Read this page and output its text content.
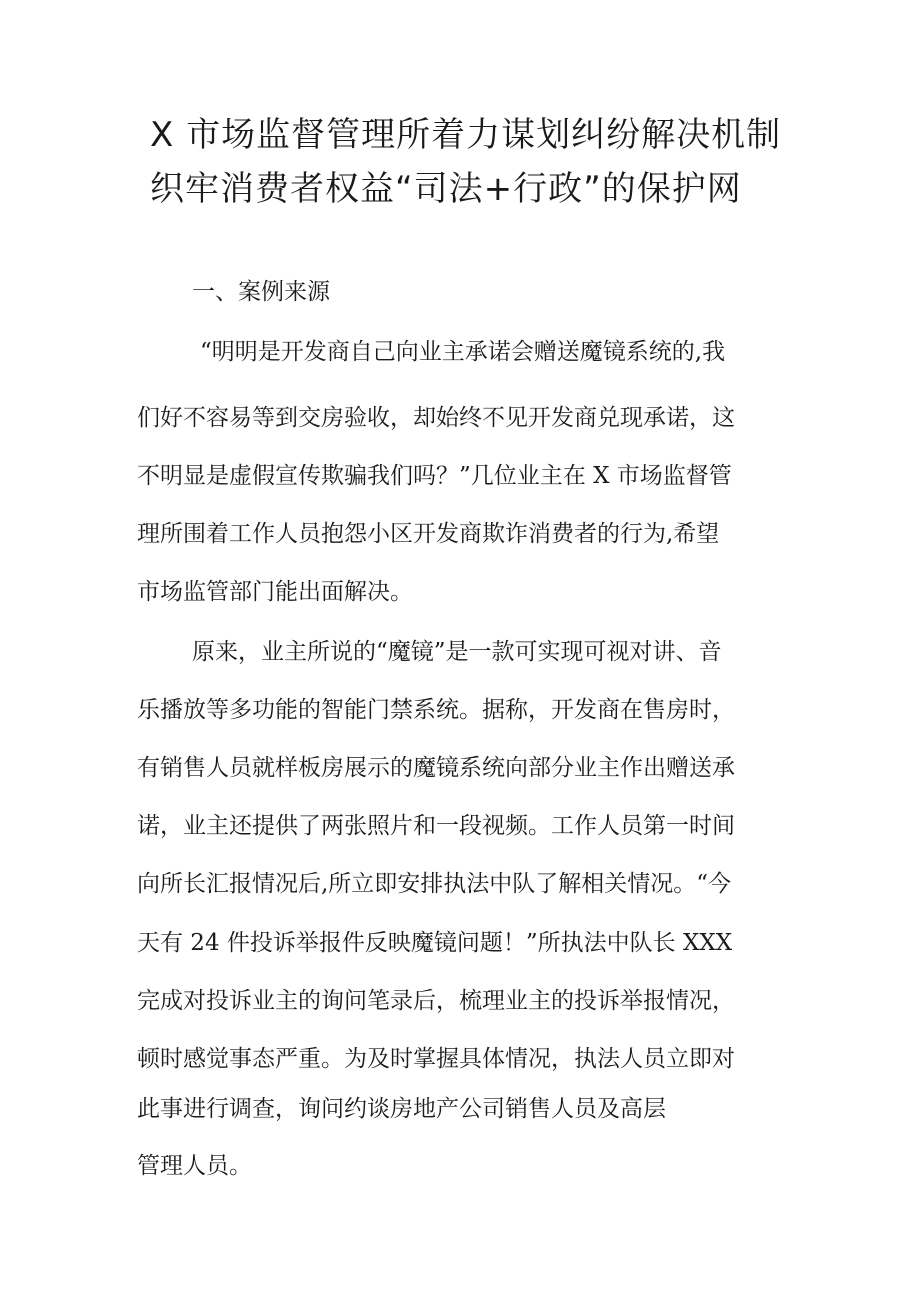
X 市场监督管理所着力谋划纠纷解决机制
织牢消费者权益“司法+行政”的保护网
一、案例来源

“明明是开发商自己向业主承诺会赠送魔镜系统的,我

们好不容易等到交房验收，却始终不见开发商兑现承诺，这

不明显是虚假宣传欺骗我们吗？”几位业主在 X 市场监督管

理所围着工作人员抱怨小区开发商欺诈消费者的行为,希望

市场监管部门能出面解决。

原来，业主所说的“魔镜”是一款可实现可视对讲、音

乐播放等多功能的智能门禁系统。据称，开发商在售房时，

有销售人员就样板房展示的魔镜系统向部分业主作出赠送承

诺，业主还提供了两张照片和一段视频。工作人员第一时间

向所长汇报情况后,所立即安排执法中队了解相关情况。“今

天有 24 件投诉举报件反映魔镜问题！”所执法中队长 XXX

完成对投诉业主的询问笔录后，梳理业主的投诉举报情况，

顿时感觉事态严重。为及时掌握具体情况，执法人员立即对

此事进行调查，询问约谈房地产公司销售人员及高层

管理人员。
